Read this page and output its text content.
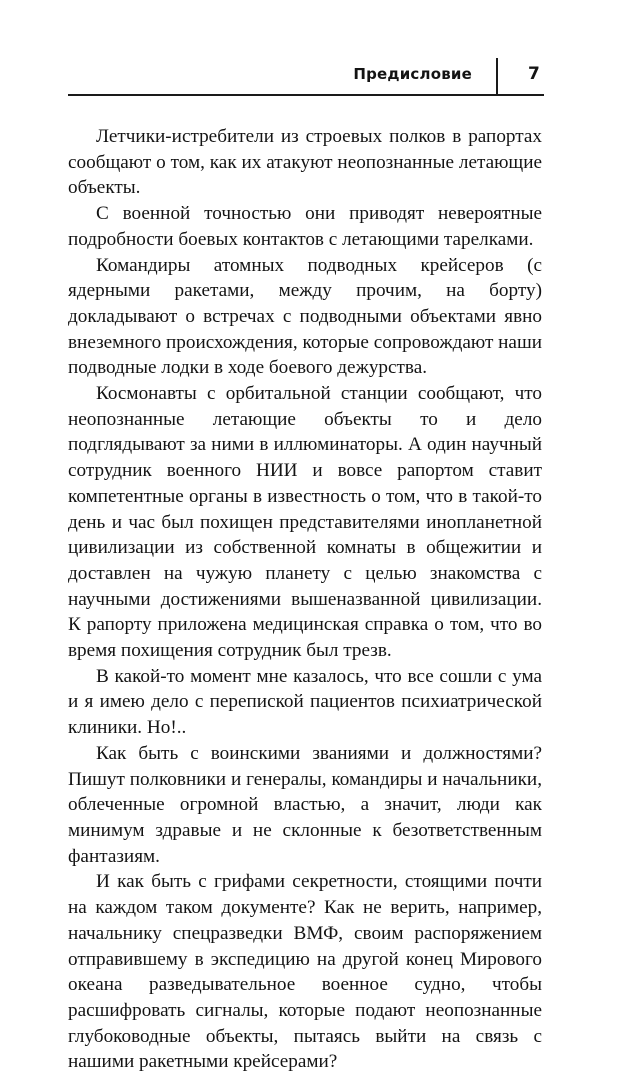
Предисловие	7

Летчики-истребители из строевых полков в рапортах сообщают о том, как их атакуют неопознанные летающие объекты.

С военной точностью они приводят невероятные подробности боевых контактов с летающими тарелками.

Командиры атомных подводных крейсеров (с ядерными ракетами, между прочим, на борту) докладывают о встречах с подводными объектами явно внеземного происхождения, которые сопровождают наши подводные лодки в ходе боевого дежурства.

Космонавты с орбитальной станции сообщают, что неопознанные летающие объекты то и дело подглядывают за ними в иллюминаторы. А один научный сотрудник военного НИИ и вовсе рапортом ставит компетентные органы в известность о том, что в такой-то день и час был похищен представителями инопланетной цивилизации из собственной комнаты в общежитии и доставлен на чужую планету с целью знакомства с научными достижениями вышеназванной цивилизации. К рапорту приложена медицинская справка о том, что во время похищения сотрудник был трезв.

В какой-то момент мне казалось, что все сошли с ума и я имею дело с перепиской пациентов психиатрической клиники. Но!..

Как быть с воинскими званиями и должностями? Пишут полковники и генералы, командиры и начальники, облеченные огромной властью, а значит, люди как минимум здравые и не склонные к безответственным фантазиям.

И как быть с грифами секретности, стоящими почти на каждом таком документе? Как не верить, например, начальнику спецразведки ВМФ, своим распоряжением отправившему в экспедицию на другой конец Мирового океана разведывательное военное судно, чтобы расшифровать сигналы, которые подают неопознанные глубоководные объекты, пытаясь выйти на связь с нашими ракетными крейсерами?
